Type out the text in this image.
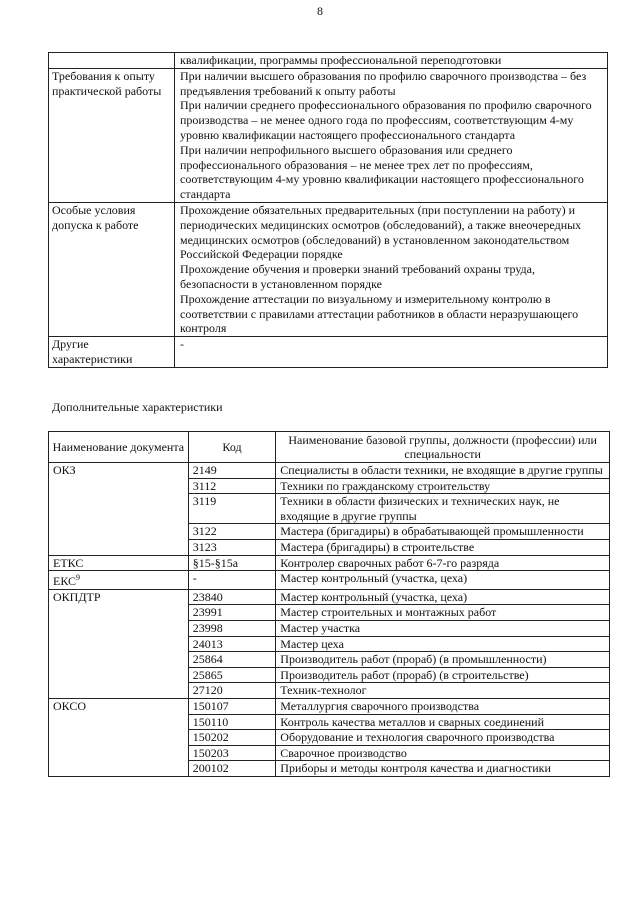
8
	квалификации, программы профессиональной переподготовки
Требования к опыту практической работы	При наличии высшего образования по профилю сварочного производства – без предъявления требований к опыту работы
При наличии среднего профессионального образования по профилю сварочного производства – не менее одного года по профессиям, соответствующим 4-му уровню квалификации настоящего профессионального стандарта
При наличии непрофильного высшего образования или среднего профессионального образования – не менее трех лет по профессиям, соответствующим 4-му уровню квалификации настоящего профессионального стандарта

Особые условия допуска к работе	Прохождение обязательных предварительных (при поступлении на работу) и периодических медицинских осмотров (обследований), а также внеочередных медицинских осмотров (обследований) в установленном законодательством Российской Федерации порядке
Прохождение обучения и проверки знаний требований охраны труда, безопасности в установленном порядке
Прохождение аттестации по визуальному и измерительному контролю в соответствии с правилами аттестации работников в области неразрушающего контроля

Другие характеристики	-
Дополнительные характеристики
Наименование документа	Код	Наименование базовой группы, должности (профессии) или специальности
ОКЗ	2149	Специалисты в области техники, не входящие в другие группы
	3112	Техники по гражданскому строительству
	3119	Техники в области физических и технических наук, не входящие в другие группы
	3122	Мастера (бригадиры) в обрабатывающей промышленности
	3123	Мастера (бригадиры) в строительстве
ЕТКС	§15-§15а	Контролер сварочных работ 6-7-го разряда
ЕКС$^9$	-	Мастер контрольный (участка, цеха)
ОКПДТР	23840	Мастер контрольный (участка, цеха)
	23991	Мастер строительных и монтажных работ
	23998	Мастер участка
	24013	Мастер цеха
	25864	Производитель работ (прораб) (в промышленности)
	25865	Производитель работ (прораб) (в строительстве)
	27120	Техник-технолог
ОКСО	150107	Металлургия сварочного производства
	150110	Контроль качества металлов и сварных соединений
	150202	Оборудование и технология сварочного производства
	150203	Сварочное производство
	200102	Приборы и методы контроля качества и диагностики
